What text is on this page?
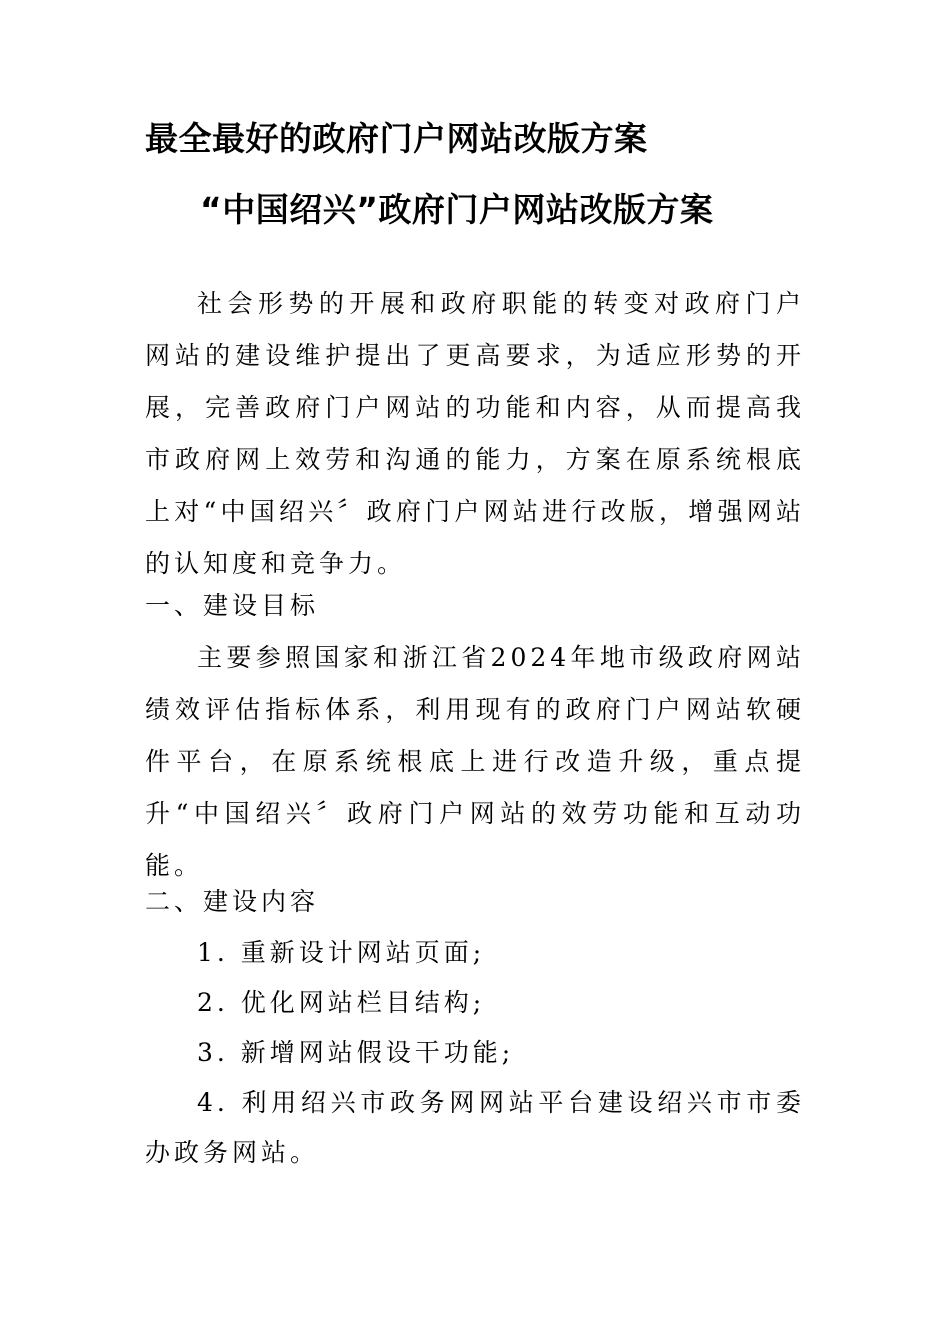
最全最好的政府门户网站改版方案
“中国绍兴”政府门户网站改版方案

社会形势的开展和政府职能的转变对政府门户网站的建设维护提出了更高要求，为适应形势的开展，完善政府门户网站的功能和内容，从而提高我市政府网上效劳和沟通的能力，方案在原系统根底上对“中国绍兴〞政府门户网站进行改版，增强网站的认知度和竞争力。

一、建设目标

主要参照国家和浙江省2024年地市级政府网站绩效评估指标体系，利用现有的政府门户网站软硬件平台，在原系统根底上进行改造升级，重点提升“中国绍兴〞政府门户网站的效劳功能和互动功能。

二、建设内容

1. 重新设计网站页面;
2. 优化网站栏目结构;
3. 新增网站假设干功能;
4. 利用绍兴市政务网网站平台建设绍兴市市委办政务网站。
